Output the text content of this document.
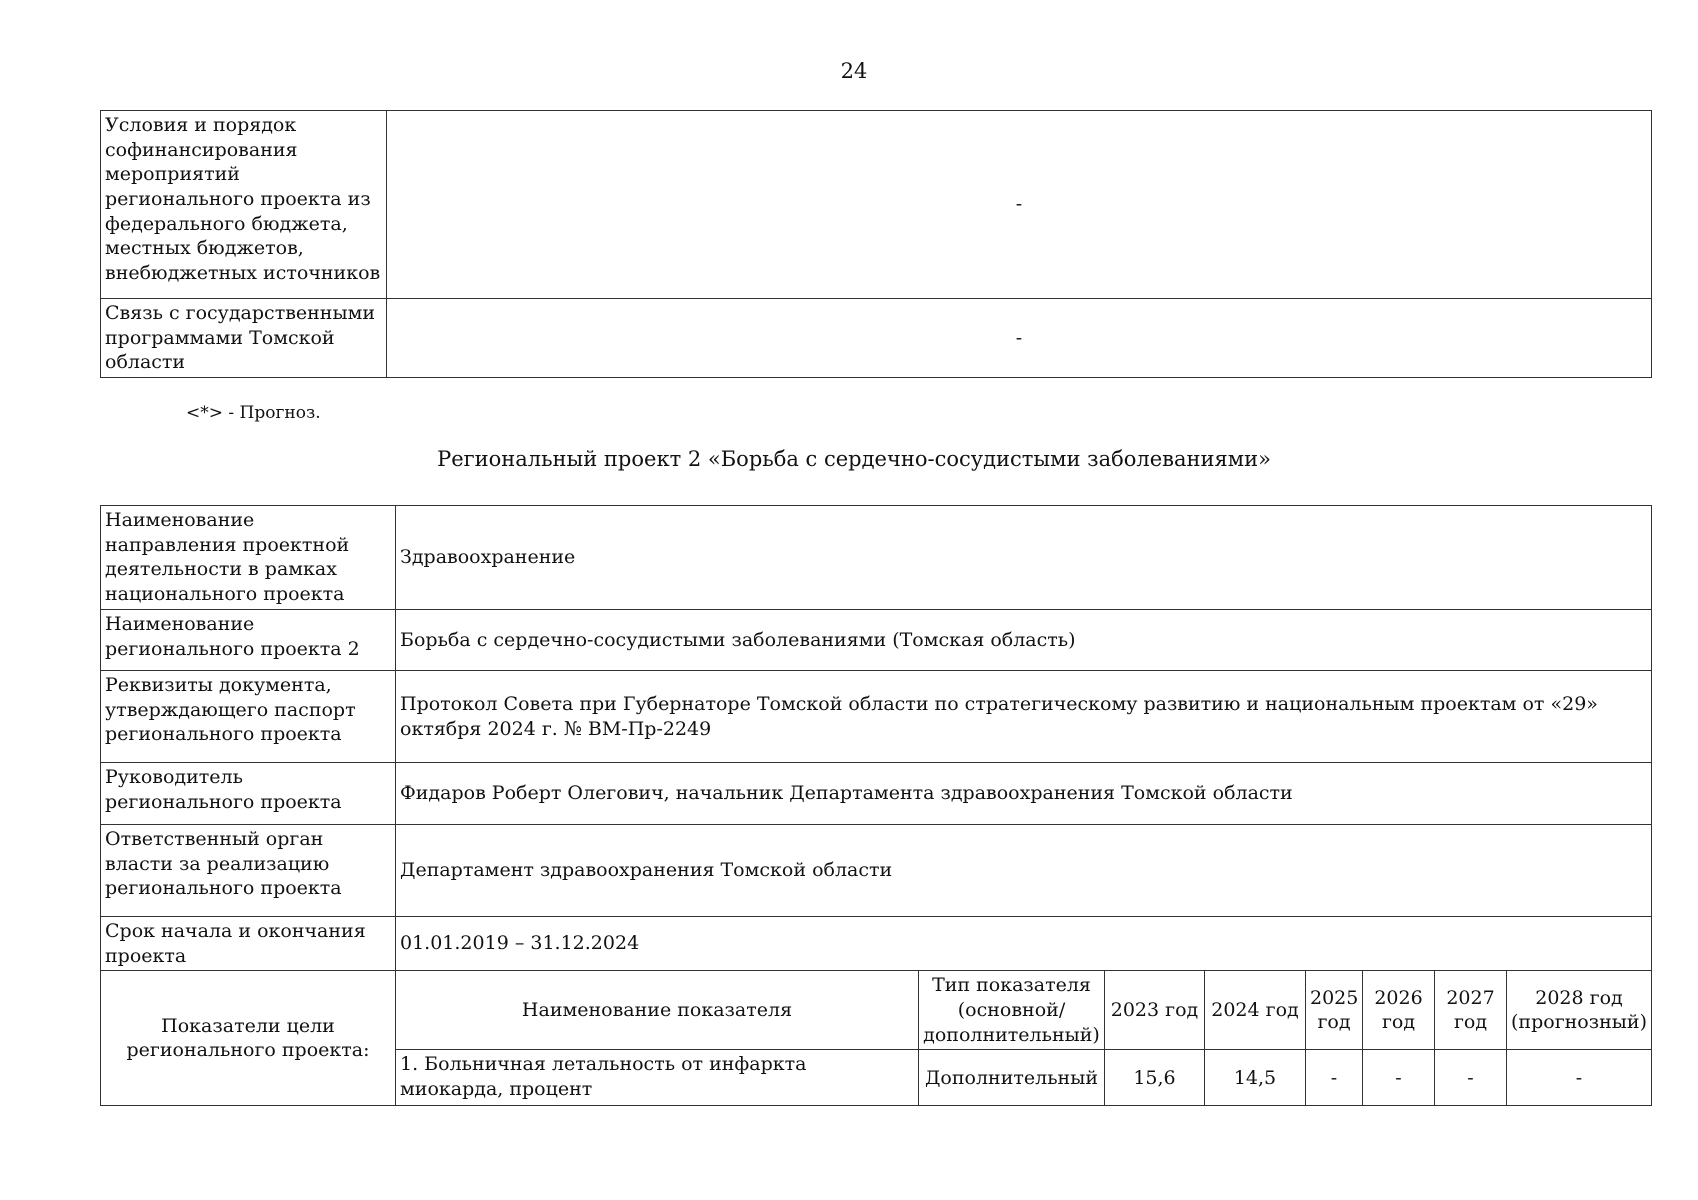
24
Условия и порядок софинансирования мероприятий регионального проекта из федерального бюджета, местных бюджетов, внебюджетных источников	-
Связь с государственными программами Томской области	-
<*> - Прогноз.
Региональный проект 2 «Борьба с сердечно-сосудистыми заболеваниями»
Наименование направления проектной деятельности в рамках национального проекта	Здравоохранение							
Наименование регионального проекта 2	Борьба с сердечно-сосудистыми заболеваниями (Томская область)							
Реквизиты документа, утверждающего паспорт регионального проекта	Протокол Совета при Губернаторе Томской области по стратегическому развитию и национальным проектам от «29» октября 2024 г. № ВМ-Пр-2249							
Руководитель регионального проекта	Фидаров Роберт Олегович, начальник Департамента здравоохранения Томской области							
Ответственный орган власти за реализацию регионального проекта	Департамент здравоохранения Томской области							
Срок начала и окончания проекта	01.01.2019 – 31.12.2024							
Показатели цели регионального проекта:	Наименование показателя	Тип показателя (основной/ дополнительный)	2023 год	2024 год	2025 год	2026 год	2027 год	2028 год (прогнозный)
	1. Больничная летальность от инфаркта миокарда, процент	Дополнительный	15,6	14,5	-	-	-	-
